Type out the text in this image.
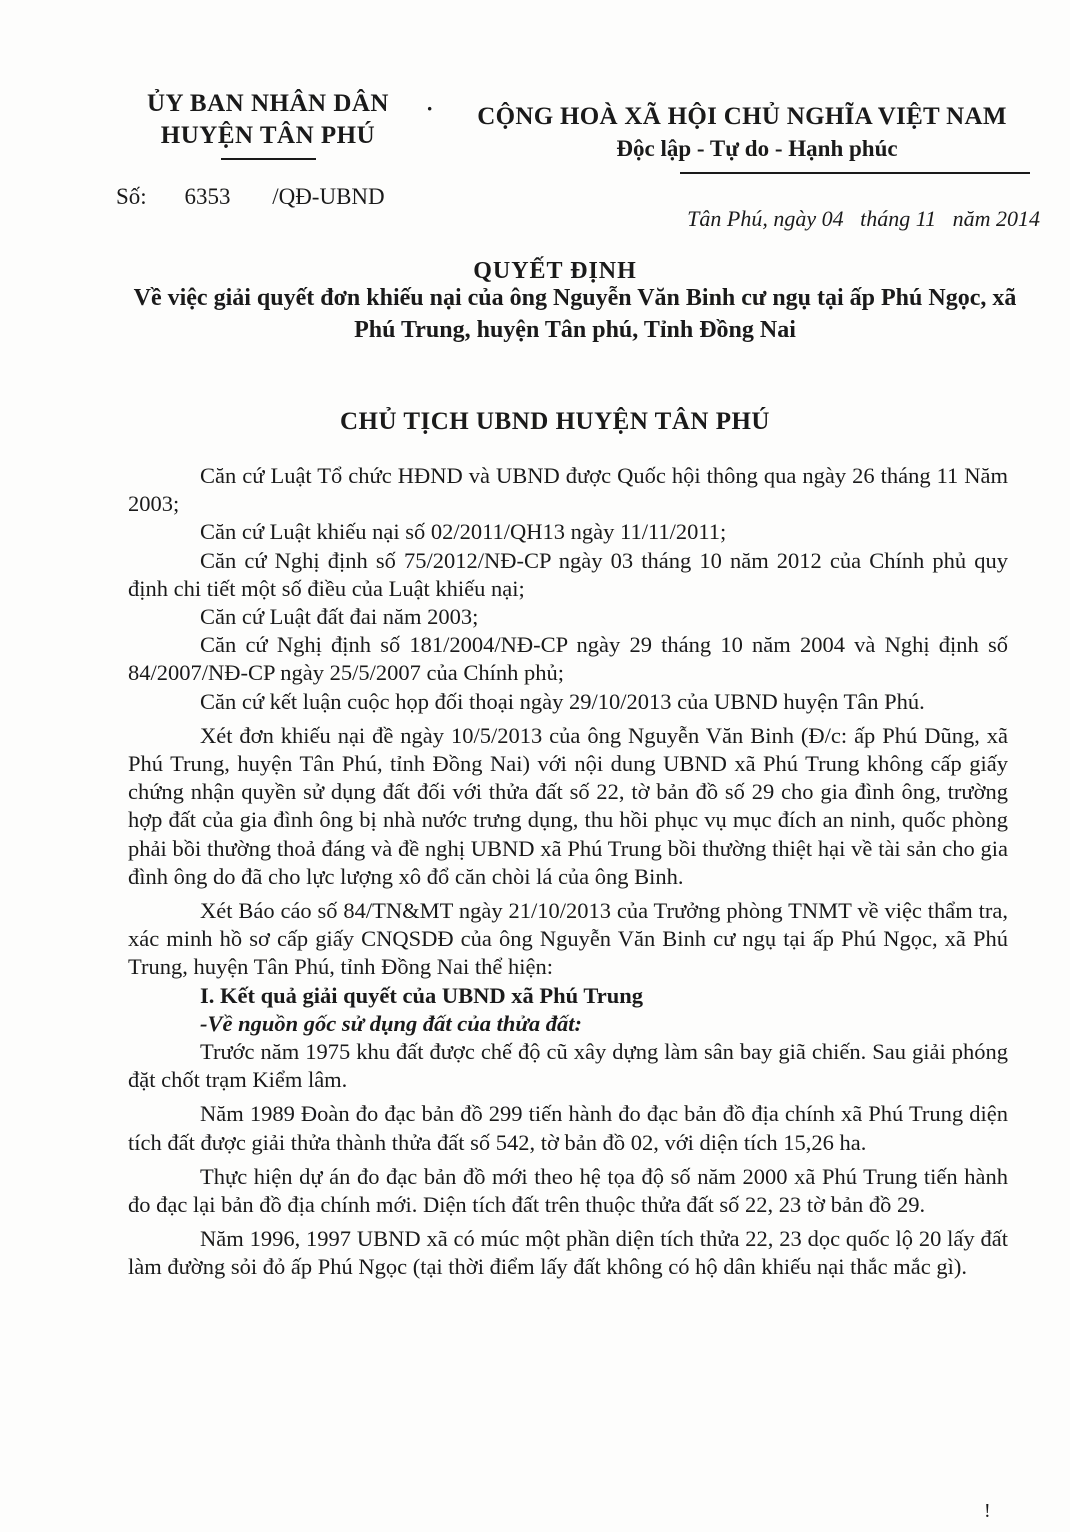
ỦY BAN NHÂN DÂN
HUYỆN TÂN PHÚ
·	CỘNG HOÀ XÃ HỘI CHỦ NGHĨA VIỆT NAM
Độc lập - Tự do - Hạnh phúc
Số: 6353 /QĐ-UBND
Tân Phú, ngày 04 tháng 11 năm 2014
QUYẾT ĐỊNH
Về việc giải quyết đơn khiếu nại của ông Nguyễn Văn Binh cư ngụ tại ấp Phú Ngọc, xã Phú Trung, huyện Tân phú, Tỉnh Đồng Nai
CHỦ TỊCH UBND HUYỆN TÂN PHÚ

Căn cứ Luật Tổ chức HĐND và UBND được Quốc hội thông qua ngày 26 tháng 11 Năm 2003;

Căn cứ Luật khiếu nại số 02/2011/QH13 ngày 11/11/2011;

Căn cứ Nghị định số 75/2012/NĐ-CP ngày 03 tháng 10 năm 2012 của Chính phủ quy định chi tiết một số điều của Luật khiếu nại;

Căn cứ Luật đất đai năm 2003;

Căn cứ Nghị định số 181/2004/NĐ-CP ngày 29 tháng 10 năm 2004 và Nghị định số 84/2007/NĐ-CP ngày 25/5/2007 của Chính phủ;

Căn cứ kết luận cuộc họp đối thoại ngày 29/10/2013 của UBND huyện Tân Phú.

Xét đơn khiếu nại đề ngày 10/5/2013 của ông Nguyễn Văn Binh (Đ/c: ấp Phú Dũng, xã Phú Trung, huyện Tân Phú, tỉnh Đồng Nai) với nội dung UBND xã Phú Trung không cấp giấy chứng nhận quyền sử dụng đất đối với thửa đất số 22, tờ bản đồ số 29 cho gia đình ông, trường hợp đất của gia đình ông bị nhà nước trưng dụng, thu hồi phục vụ mục đích an ninh, quốc phòng phải bồi thường thoả đáng và đề nghị UBND xã Phú Trung bồi thường thiệt hại về tài sản cho gia đình ông do đã cho lực lượng xô đổ căn chòi lá của ông Binh.

Xét Báo cáo số 84/TN&MT ngày 21/10/2013 của Trưởng phòng TNMT về việc thẩm tra, xác minh hồ sơ cấp giấy CNQSDĐ của ông Nguyễn Văn Binh cư ngụ tại ấp Phú Ngọc, xã Phú Trung, huyện Tân Phú, tỉnh Đồng Nai thể hiện:

I. Kết quả giải quyết của UBND xã Phú Trung

-Về nguồn gốc sử dụng đất của thửa đất:

Trước năm 1975 khu đất được chế độ cũ xây dựng làm sân bay giã chiến. Sau giải phóng đặt chốt trạm Kiểm lâm.

Năm 1989 Đoàn đo đạc bản đồ 299 tiến hành đo đạc bản đồ địa chính xã Phú Trung diện tích đất được giải thửa thành thửa đất số 542, tờ bản đồ 02, với diện tích 15,26 ha.

Thực hiện dự án đo đạc bản đồ mới theo hệ tọa độ số năm 2000 xã Phú Trung tiến hành đo đạc lại bản đồ địa chính mới. Diện tích đất trên thuộc thửa đất số 22, 23 tờ bản đồ 29.

Năm 1996, 1997 UBND xã có múc một phần diện tích thửa 22, 23 dọc quốc lộ 20 lấy đất làm đường sỏi đỏ ấp Phú Ngọc (tại thời điểm lấy đất không có hộ dân khiếu nại thắc mắc gì).

!
